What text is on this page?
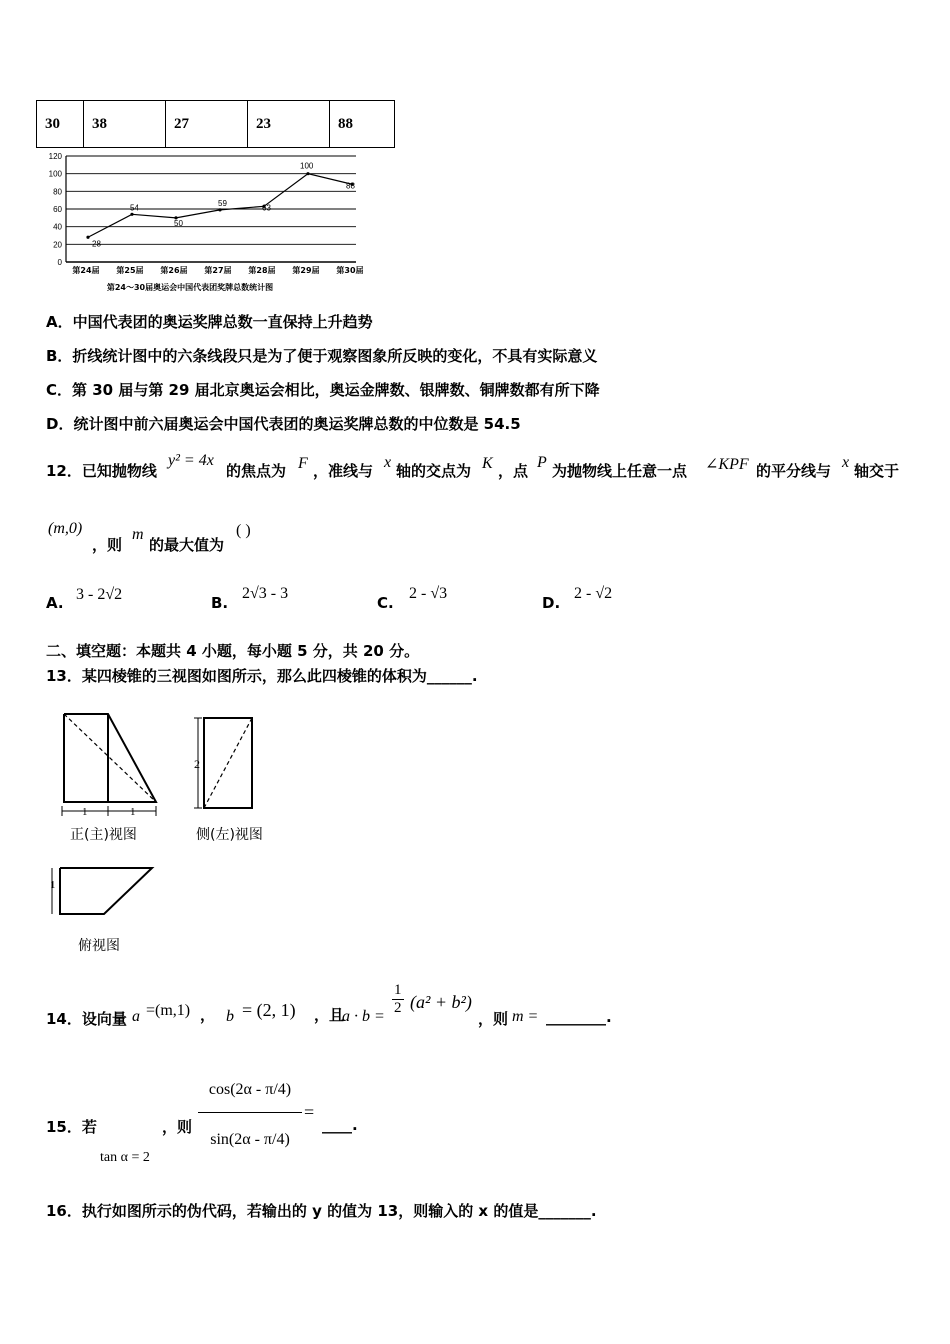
30	38	27	23	88
0
20
40
60
80
100
120
28
54
50
59	63
100
88
第24届 第25届 第26届 第27届 第28届 第29届 第30届
第24～30届奥运会中国代表团奖牌总数统计图
A．中国代表团的奥运奖牌总数一直保持上升趋势
B．折线统计图中的六条线段只是为了便于观察图象所反映的变化，不具有实际意义
C．第 30 届与第 29 届北京奥运会相比，奥运金牌数、银牌数、铜牌数都有所下降
D．统计图中前六届奥运会中国代表团的奥运奖牌总数的中位数是 54.5
12．已知抛物线
y² = 4x
的焦点为 F ，准线与 x 轴的交点为 K ，点 P 为抛物线上任意一点 ∠KPF 的平分线与 x 轴交于
(m,0)
，则
m
的最大值为
( )
A. 3 - 2√2	B.
2√3 - 3
C.
2 - √3
D.
2 - √2
二、填空题：本题共 4 小题，每小题 5 分，共 20 分。
13．某四棱锥的三视图如图所示，那么此四棱锥的体积为______.
1	1
正(主)视图
2
侧(左)视图
1
俯视图
14．设向量 a =(m,1) ， b = (2, 1) ，且
$a \cdot b = \frac{1}{2} (a^2 + b^2)$
，则 m = ________.
15．若
tan α = 2
，则 $\frac{\cos(2\alpha - \pi/4)}{\sin(2\alpha - \pi/4)}$ =
____.
16．执行如图所示的伪代码，若输出的 y 的值为 13，则输入的 x 的值是_______.
